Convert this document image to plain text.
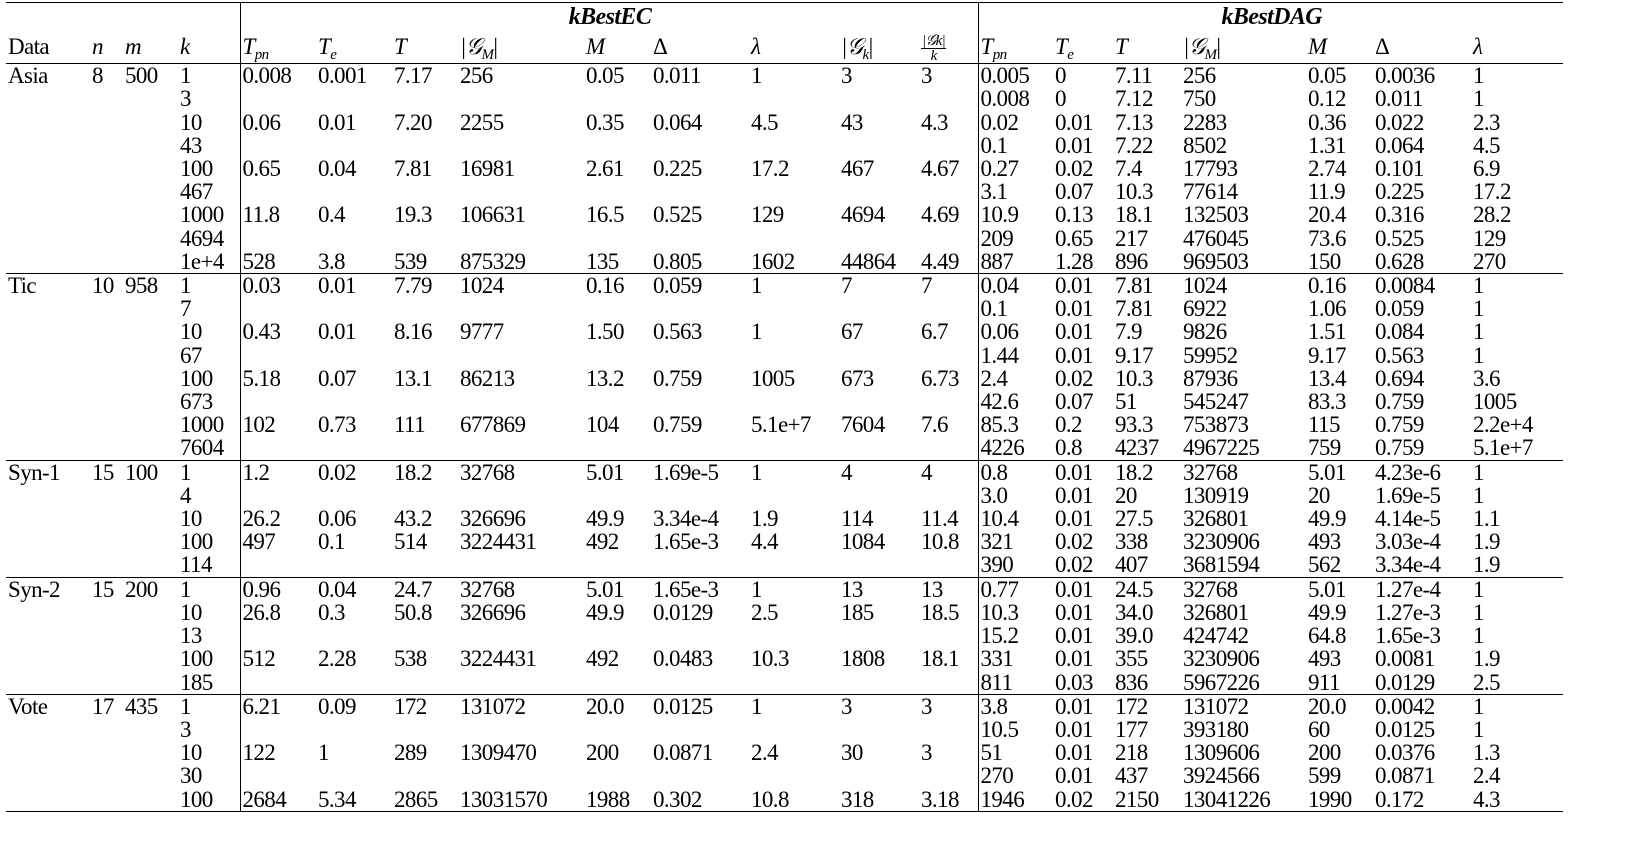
				kBestEC									kBestDAG						
Data	n	m	k	$T_{pn}$	$T_e$	T	|𝒢$_M$|	M	Δ	λ	|𝒢$_k$|	$\frac{\text{|𝒢k|}}{k}$	$T_{pn}$	$T_e$	T	|𝒢$_M$|	M	Δ	λ
Asia	8	500	1	0.008	0.001	7.17	256	0.05	0.011	1	3	3	0.005	0	7.11	256	0.05	0.0036	1
			3										0.008	0	7.12	750	0.12	0.011	1
			10	0.06	0.01	7.20	2255	0.35	0.064	4.5	43	4.3	0.02	0.01	7.13	2283	0.36	0.022	2.3
			43										0.1	0.01	7.22	8502	1.31	0.064	4.5
			100	0.65	0.04	7.81	16981	2.61	0.225	17.2	467	4.67	0.27	0.02	7.4	17793	2.74	0.101	6.9
			467										3.1	0.07	10.3	77614	11.9	0.225	17.2
			1000	11.8	0.4	19.3	106631	16.5	0.525	129	4694	4.69	10.9	0.13	18.1	132503	20.4	0.316	28.2
			4694										209	0.65	217	476045	73.6	0.525	129
			1e+4	528	3.8	539	875329	135	0.805	1602	44864	4.49	887	1.28	896	969503	150	0.628	270
Tic	10	958	1	0.03	0.01	7.79	1024	0.16	0.059	1	7	7	0.04	0.01	7.81	1024	0.16	0.0084	1
			7										0.1	0.01	7.81	6922	1.06	0.059	1
			10	0.43	0.01	8.16	9777	1.50	0.563	1	67	6.7	0.06	0.01	7.9	9826	1.51	0.084	1
			67										1.44	0.01	9.17	59952	9.17	0.563	1
			100	5.18	0.07	13.1	86213	13.2	0.759	1005	673	6.73	2.4	0.02	10.3	87936	13.4	0.694	3.6
			673										42.6	0.07	51	545247	83.3	0.759	1005
			1000	102	0.73	111	677869	104	0.759	5.1e+7	7604	7.6	85.3	0.2	93.3	753873	115	0.759	2.2e+4
			7604										4226	0.8	4237	4967225	759	0.759	5.1e+7
Syn-1	15	100	1	1.2	0.02	18.2	32768	5.01	1.69e-5	1	4	4	0.8	0.01	18.2	32768	5.01	4.23e-6	1
			4										3.0	0.01	20	130919	20	1.69e-5	1
			10	26.2	0.06	43.2	326696	49.9	3.34e-4	1.9	114	11.4	10.4	0.01	27.5	326801	49.9	4.14e-5	1.1
			100	497	0.1	514	3224431	492	1.65e-3	4.4	1084	10.8	321	0.02	338	3230906	493	3.03e-4	1.9
			114										390	0.02	407	3681594	562	3.34e-4	1.9
Syn-2	15	200	1	0.96	0.04	24.7	32768	5.01	1.65e-3	1	13	13	0.77	0.01	24.5	32768	5.01	1.27e-4	1
			10	26.8	0.3	50.8	326696	49.9	0.0129	2.5	185	18.5	10.3	0.01	34.0	326801	49.9	1.27e-3	1
			13										15.2	0.01	39.0	424742	64.8	1.65e-3	1
			100	512	2.28	538	3224431	492	0.0483	10.3	1808	18.1	331	0.01	355	3230906	493	0.0081	1.9
			185										811	0.03	836	5967226	911	0.0129	2.5
Vote	17	435	1	6.21	0.09	172	131072	20.0	0.0125	1	3	3	3.8	0.01	172	131072	20.0	0.0042	1
			3										10.5	0.01	177	393180	60	0.0125	1
			10	122	1	289	1309470	200	0.0871	2.4	30	3	51	0.01	218	1309606	200	0.0376	1.3
			30										270	0.01	437	3924566	599	0.0871	2.4
			100	2684	5.34	2865	13031570	1988	0.302	10.8	318	3.18	1946	0.02	2150	13041226	1990	0.172	4.3
